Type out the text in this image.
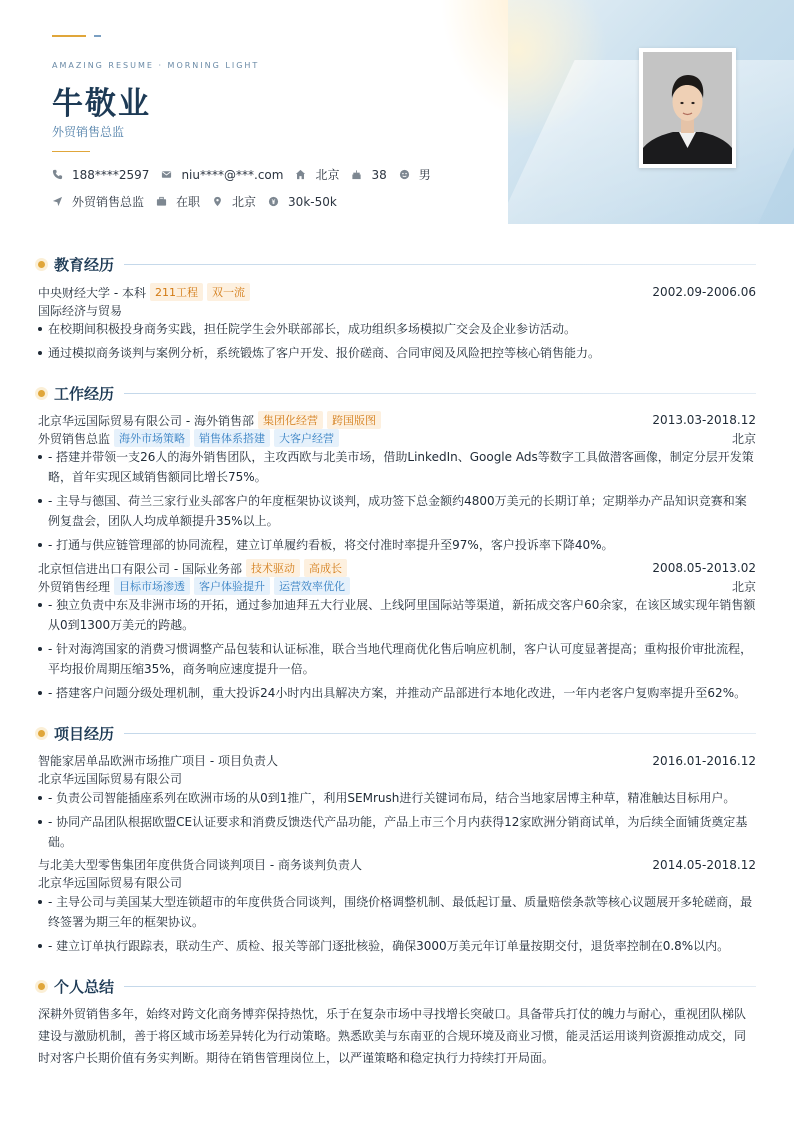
AMAZING RESUME · MORNING LIGHT
牛敬业
外贸销售总监
188****2597	niu****@***.com	北京	38	男
外贸销售总监	在职	北京	30k-50k
教育经历
中央财经大学 - 本科 211工程	双一流	2002.09-2006.06
国际经济与贸易
在校期间积极投身商务实践，担任院学生会外联部部长，成功组织多场模拟广交会及企业参访活动。
通过模拟商务谈判与案例分析，系统锻炼了客户开发、报价磋商、合同审阅及风险把控等核心销售能力。
工作经历
北京华远国际贸易有限公司 - 海外销售部 集团化经营	跨国版图	2013.03-2018.12
外贸销售总监 海外市场策略	销售体系搭建	大客户经营	北京
- 搭建并带领一支26人的海外销售团队，主攻西欧与北美市场，借助LinkedIn、Google Ads等数字工具做潜客画像，制定分层开发策略，首年实现区域销售额同比增长75%。
- 主导与德国、荷兰三家行业头部客户的年度框架协议谈判，成功签下总金额约4800万美元的长期订单；定期举办产品知识竞赛和案例复盘会，团队人均成单额提升35%以上。
- 打通与供应链管理部的协同流程，建立订单履约看板，将交付准时率提升至97%，客户投诉率下降40%。
北京恒信进出口有限公司 - 国际业务部 技术驱动	高成长	2008.05-2013.02
外贸销售经理 目标市场渗透	客户体验提升	运营效率优化	北京
- 独立负责中东及非洲市场的开拓，通过参加迪拜五大行业展、上线阿里国际站等渠道，新拓成交客户60余家，在该区域实现年销售额从0到1300万美元的跨越。
- 针对海湾国家的消费习惯调整产品包装和认证标准，联合当地代理商优化售后响应机制，客户认可度显著提高；重构报价审批流程，平均报价周期压缩35%，商务响应速度提升一倍。
- 搭建客户问题分级处理机制，重大投诉24小时内出具解决方案，并推动产品部进行本地化改进，一年内老客户复购率提升至62%。
项目经历
智能家居单品欧洲市场推广项目 - 项目负责人	2016.01-2016.12
北京华远国际贸易有限公司
- 负责公司智能插座系列在欧洲市场的从0到1推广，利用SEMrush进行关键词布局，结合当地家居博主种草，精准触达目标用户。
- 协同产品团队根据欧盟CE认证要求和消费反馈迭代产品功能，产品上市三个月内获得12家欧洲分销商试单，为后续全面铺货奠定基础。
与北美大型零售集团年度供货合同谈判项目 - 商务谈判负责人	2014.05-2018.12
北京华远国际贸易有限公司
- 主导公司与美国某大型连锁超市的年度供货合同谈判，围绕价格调整机制、最低起订量、质量赔偿条款等核心议题展开多轮磋商，最终签署为期三年的框架协议。
- 建立订单执行跟踪表，联动生产、质检、报关等部门逐批核验，确保3000万美元年订单量按期交付，退货率控制在0.8%以内。
个人总结
深耕外贸销售多年，始终对跨文化商务博弈保持热忱，乐于在复杂市场中寻找增长突破口。具备带兵打仗的魄力与耐心，重视团队梯队建设与激励机制，善于将区域市场差异转化为行动策略。熟悉欧美与东南亚的合规环境及商业习惯，能灵活运用谈判资源推动成交，同时对客户长期价值有务实判断。期待在销售管理岗位上，以严谨策略和稳定执行力持续打开局面。
